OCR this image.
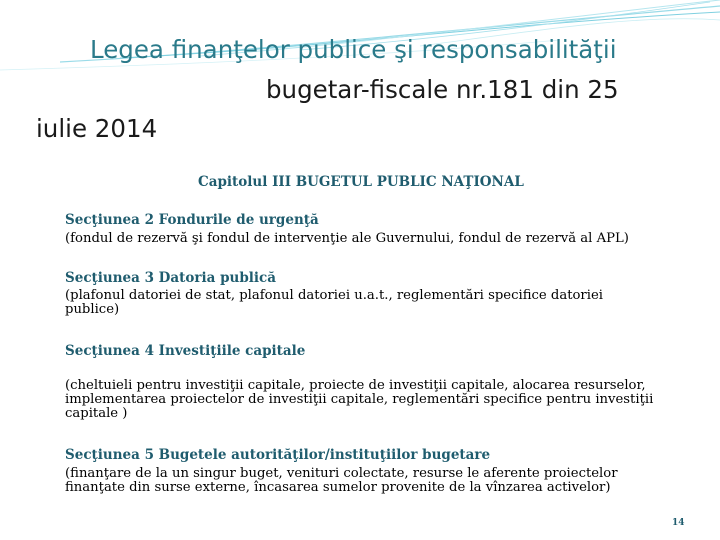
Legea finanţelor publice şi responsabilităţii
bugetar-fiscale nr.181 din 25
iulie 2014
Capitolul III BUGETUL PUBLIC NAŢIONAL
Secţiunea 2 Fondurile de urgenţă
(fondul de rezervă şi fondul de intervenţie ale Guvernului, fondul de rezervă al APL)
Secţiunea 3 Datoria publică
(plafonul datoriei de stat, plafonul datoriei u.a.t., reglementări specifice datoriei publice)
Secţiunea 4 Investiţiile capitale
(cheltuieli pentru investiţii capitale, proiecte de investiţii capitale, alocarea resurselor, implementarea proiectelor de investiţii capitale, reglementări specifice pentru investiţii capitale )
Secţiunea 5 Bugetele autorităţilor/instituţiilor bugetare
(finanţare de la un singur buget, venituri colectate, resurse le aferente proiectelor finanţate din surse externe, încasarea sumelor provenite de la vînzarea activelor)
14
